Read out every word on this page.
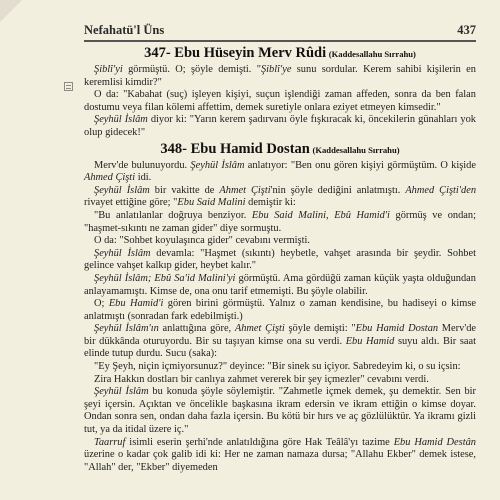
Nefahatü'l Üns	437
347- Ebu Hüseyin Merv Rûdi (Kaddesallahu Sırrahu)

Şiblî'yi görmüştü. O; şöyle demişti. "Şiblî'ye sunu sordular. Kerem sahibi kişilerin en keremlisi kimdir?"

O da: "Kabahat (suç) işleyen kişiyi, suçun işlendiği zaman affeden, sonra da ben falan dostumu veya filan kölemi affettim, demek suretiyle onlara eziyet etmeyen kimsedir."

Şeyhül İslâm diyor ki: "Yarın kerem şadırvanı öyle fışkıracak ki, öncekilerin günahları yok olup gidecek!"

348- Ebu Hamid Dostan (Kaddesallahu Sırrahu)

Merv'de bulunuyordu. Şeyhül İslâm anlatıyor: "Ben onu gören kişiyi görmüştüm. O kişide Ahmed Çişti idi.

Şeyhül İslâm bir vakitte de Ahmet Çişti'nin şöyle dediğini anlatmıştı. Ahmed Çişti'den rivayet ettiğine göre; "Ebu Said Malini demiştir ki:

"Bu anlatılanlar doğruya benziyor. Ebu Said Malini, Ebû Hamid'i görmüş ve ondan; "haşmet-sıkıntı ne zaman gider" diye sormuştu.

O da: "Sohbet koyulaşınca gider" cevabını vermişti.

Şeyhül İslâm devamla: "Haşmet (sıkıntı) heybetle, vahşet arasında bir şeydir. Sohbet gelince vahşet kalkıp gider, heybet kalır."

Şeyhül İslâm; Ebû Sa'id Malini'yi görmüştü. Ama gördüğü zaman küçük yaşta olduğundan anlayamamıştı. Kimse de, ona onu tarif etmemişti. Bu şöyle olabilir.

O; Ebu Hamid'i gören birini görmüştü. Yalnız o zaman kendisine, bu hadiseyi o kimse anlatmıştı (sonradan fark edebilmişti.)

Şeyhül İslâm'ın anlattığına göre, Ahmet Çişti şöyle demişti: "Ebu Hamid Dostan Merv'de bir dükkânda oturuyordu. Bir su taşıyan kimse ona su verdi. Ebu Hamid suyu aldı. Bir saat elinde tutup durdu. Sucu (saka):

"Ey Şeyh, niçin içmiyorsunuz?" deyince: "Bir sinek su içiyor. Sabredeyim ki, o su içsin:

Zira Hakkın dostları bir canlıya zahmet vererek bir şey içmezler" cevabını verdi.

Şeyhül İslâm bu konuda şöyle söylemiştir. "Zahmetle içmek demek, şu demektir. Sen bir şeyi içersin. Açıktan ve öncelikle başkasına ikram edersin ve ikram ettiğin o kimse doyar. Ondan sonra sen, ondan daha fazla içersin. Bu kötü bir hırs ve aç gözlülüktür. Ya ikramı gizli tut, ya da itidal üzere iç."

Taarruf isimli eserin şerhi'nde anlatıldığına göre Hak Teâlâ'yı tazime Ebu Hamid Destân üzerine o kadar çok galib idi ki: Her ne zaman namaza dursa; "Allahu Ekber" demek istese, "Allah" der, "Ekber" diyemeden
